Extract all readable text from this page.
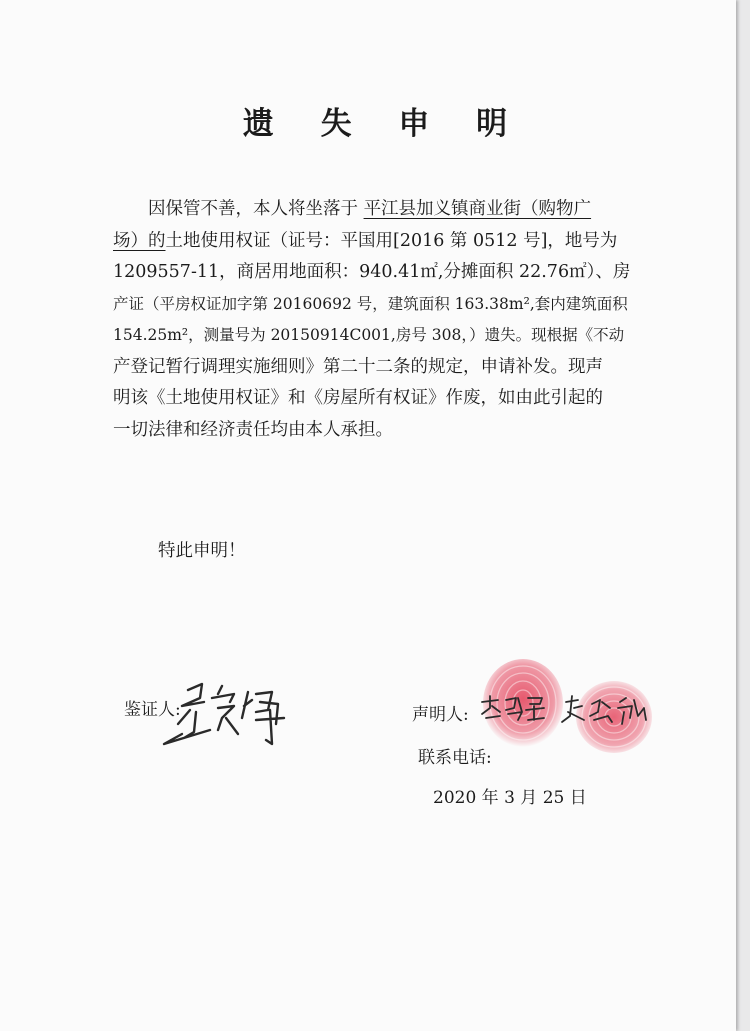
遗 失 申 明
因保管不善，本人将坐落于 平江县加义镇商业街（购物广
场）的土地使用权证（证号：平国用[2016 第 0512 号]，地号为
1209557-11，商居用地面积：940.41㎡,分摊面积 22.76㎡）、房
产证（平房权证加字第 20160692 号，建筑面积 163.38m²,套内建筑面积
154.25m²，测量号为 20150914C001,房号 308，）遗失。现根据《不动
产登记暂行调理实施细则》第二十二条的规定，申请补发。现声
明该《土地使用权证》和《房屋所有权证》作废，如由此引起的
一切法律和经济责任均由本人承担。
特此申明！
鉴证人:	声明人:
联系电话:
2020 年 3 月 25 日
